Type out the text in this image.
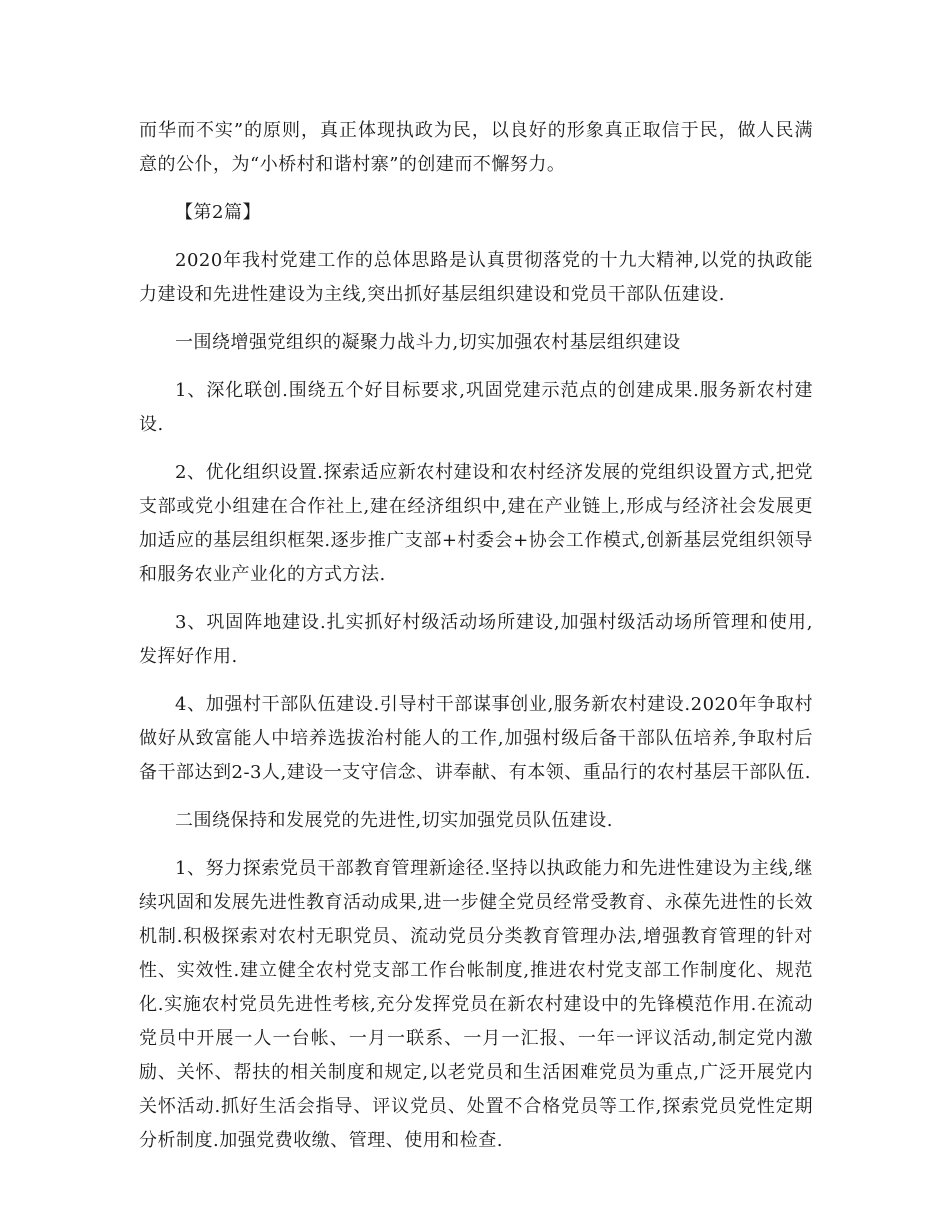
而华而不实”的原则，真正体现执政为民，以良好的形象真正取信于民，做人民满意的公仆，为“小桥村和谐村寨”的创建而不懈努力。

【第2篇】

2020年我村党建工作的总体思路是认真贯彻落党的十九大精神,以党的执政能力建设和先进性建设为主线,突出抓好基层组织建设和党员干部队伍建设.

一围绕增强党组织的凝聚力战斗力,切实加强农村基层组织建设

1、深化联创.围绕五个好目标要求,巩固党建示范点的创建成果.服务新农村建设.

2、优化组织设置.探索适应新农村建设和农村经济发展的党组织设置方式,把党支部或党小组建在合作社上,建在经济组织中,建在产业链上,形成与经济社会发展更加适应的基层组织框架.逐步推广支部+村委会+协会工作模式,创新基层党组织领导和服务农业产业化的方式方法.

3、巩固阵地建设.扎实抓好村级活动场所建设,加强村级活动场所管理和使用,发挥好作用.

4、加强村干部队伍建设.引导村干部谋事创业,服务新农村建设.2020年争取村做好从致富能人中培养选拔治村能人的工作,加强村级后备干部队伍培养,争取村后备干部达到2-3人,建设一支守信念、讲奉献、有本领、重品行的农村基层干部队伍.

二围绕保持和发展党的先进性,切实加强党员队伍建设.

1、努力探索党员干部教育管理新途径.坚持以执政能力和先进性建设为主线,继续巩固和发展先进性教育活动成果,进一步健全党员经常受教育、永葆先进性的长效机制.积极探索对农村无职党员、流动党员分类教育管理办法,增强教育管理的针对性、实效性.建立健全农村党支部工作台帐制度,推进农村党支部工作制度化、规范化.实施农村党员先进性考核,充分发挥党员在新农村建设中的先锋模范作用.在流动党员中开展一人一台帐、一月一联系、一月一汇报、一年一评议活动,制定党内激励、关怀、帮扶的相关制度和规定,以老党员和生活困难党员为重点,广泛开展党内关怀活动.抓好生活会指导、评议党员、处置不合格党员等工作,探索党员党性定期分析制度.加强党费收缴、管理、使用和检查.
